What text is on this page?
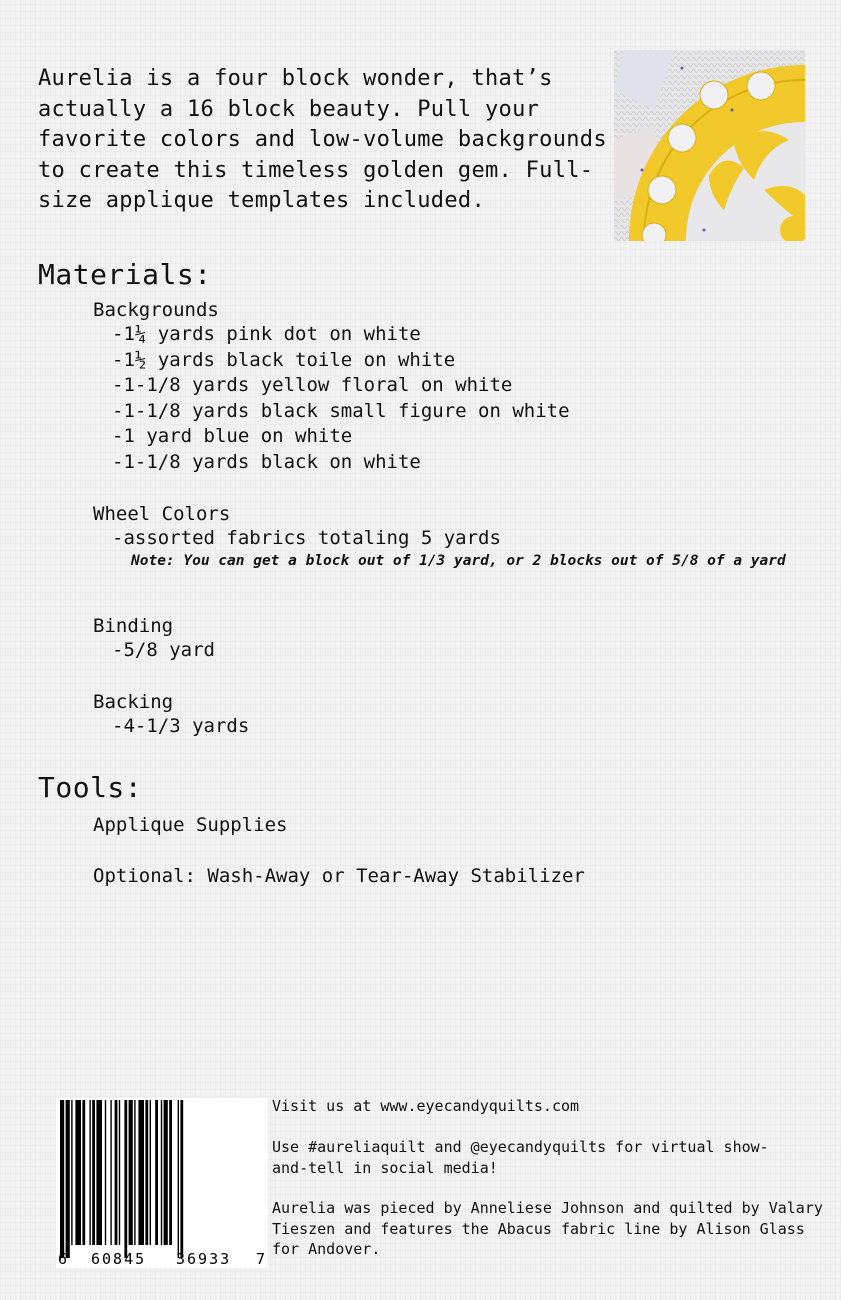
Aurelia is a four block wonder, that’s actually a 16 block beauty. Pull your favorite colors and low-volume backgrounds to create this timeless golden gem. Full-size applique templates included.

Materials:

Backgrounds

-1¼ yards pink dot on white
-1½ yards black toile on white
-1-1/8 yards yellow floral on white
-1-1/8 yards black small figure on white
-1 yard blue on white
-1-1/8 yards black on white

Wheel Colors

-assorted fabrics totaling 5 yards

Note: You can get a block out of 1/3 yard, or 2 blocks out of 5/8 of a yard

Binding

-5/8 yard

Backing

-4-1/3 yards
Tools:

Applique Supplies

Optional: Wash-Away or Tear-Away Stabilizer

6 60845 36933 7

Visit us at www.eyecandyquilts.com

Use #aureliaquilt and @eyecandyquilts for virtual show-and-tell in social media!

Aurelia was pieced by Anneliese Johnson and quilted by Valary Tieszen and features the Abacus fabric line by Alison Glass for Andover.
